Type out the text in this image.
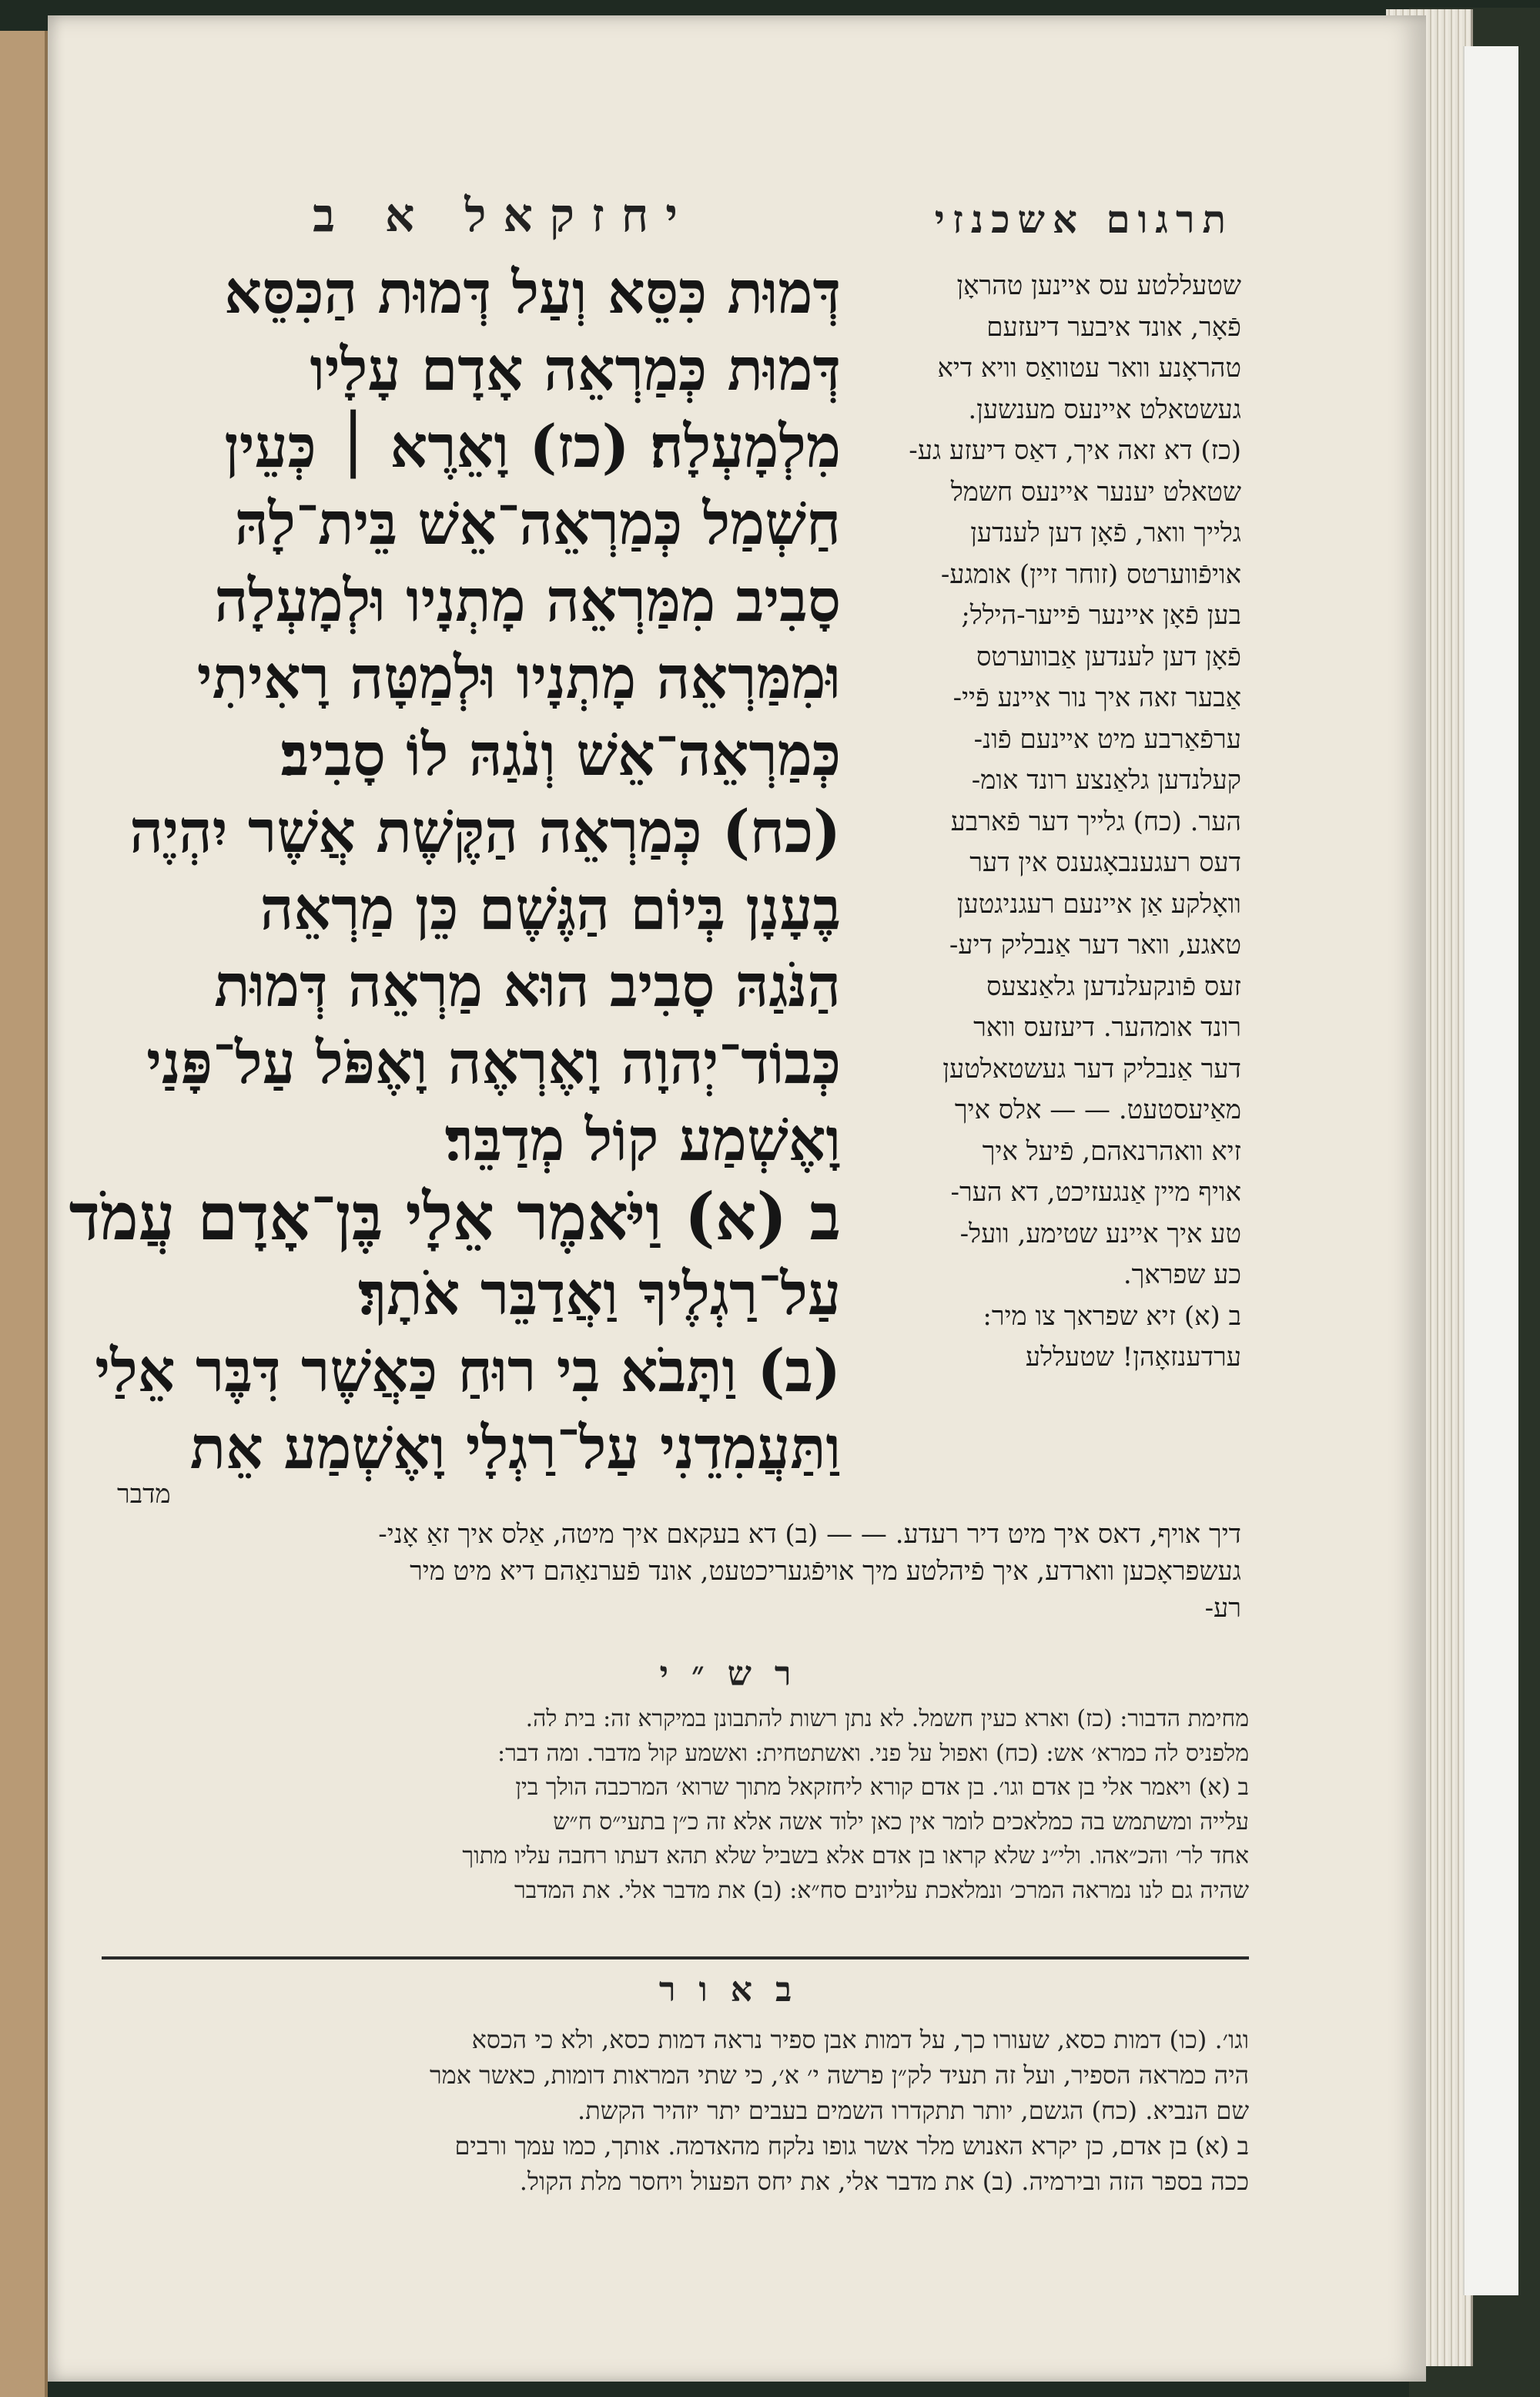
יחזקאל א ב	תרגום אשכנזי
דְּמוּת כִּסֵּא וְעַל דְּמוּת הַכִּסֵּא
דְּמוּת כְּמַרְאֵה אָדָם עָלָיו
מִלְמָעְלָה׃ (כז) וָאֵרֶא ׀ כְּעֵין
חַשְׁמַל כְּמַרְאֵה־אֵשׁ בֵּית־לָהּ
סָבִיב מִמַּרְאֵה מָתְנָיו וּלְמָעְלָה
וּמִמַּרְאֵה מָתְנָיו וּלְמַטָּה רָאִיתִי
כְּמַרְאֵה־אֵשׁ וְנֹגַהּ לוֹ סָבִיב׃
(כח) כְּמַרְאֵה הַקֶּשֶׁת אֲשֶׁר יִהְיֶה
בֶעָנָן בְּיוֹם הַגֶּשֶׁם כֵּן מַרְאֵה
הַנֹּגַהּ סָבִיב הוּא מַרְאֵה דְּמוּת
כְּבוֹד־יְהוָה וָאֶרְאֶה וָאֶפֹּל עַל־פָּנַי
וָאֶשְׁמַע קוֹל מְדַבֵּר׃
ב (א) וַיֹּאמֶר אֵלָי בֶּן־אָדָם עֲמֹד
עַל־רַגְלֶיךָ וַאֲדַבֵּר אֹתָךְ׃
(ב) וַתָּבֹא בִי רוּחַ כַּאֲשֶׁר דִּבֶּר אֵלַי
וַתַּעֲמִדֵנִי עַל־רַגְלָי וָאֶשְׁמַע אֵת
מדבר
שטעללטע עס איינען טהראָן
פֿאָר, אונד איבער דיעזעם
טהראָנע וואר עטוואַס וויא דיא
געשטאלט איינעס מענשען.
(כז) דא זאה איך, דאַס דיעזע גע-
שטאלט יענער איינעס חשמל
גלייך וואר, פֿאָן דען לענדען
אויפֿווערטס (זוחר זיין) אומגע-
בען פֿאָן איינער פֿייער-הילל;
פֿאָן דען לענדען אַבווערטס
אַבער זאה איך נור איינע פֿיי-
ערפֿאַרבע מיט איינעם פֿונ-
קעלנדען גלאַנצע רונד אומ-
הער. (כח) גלייך דער פֿארבע
דעס רעגענבאָגענס אין דער
וואָלקע אַן איינעם רעגניגטען
טאגע, וואר דער אַנבליק דיע-
זעס פֿונקעלנדען גלאַנצעס
רונד אומהער. דיעזעס וואר
דער אַנבליק דער געשטאלטען
מאַיעסטעט. — — אלס איך
זיא וואהרנאהם, פֿיעל איך
אויף מיין אַנגעזיכט, דא הער-
טע איך איינע שטימע, וועל-
כע שפראך.
ב (א) זיא שפראך צו מיר:
ערדענזאָהן! שטעללע
דיך אויף, דאס איך מיט דיר רעדע. — — (ב) דא בעקאם איך מיטה, אַלס איך זאַ אָני-
געשפראָכען ווארדע, איך פֿיהלטע מיך אויפֿגעריכטעט, אונד פֿערנאַהם דיא מיט מיר
רע-
רש״י
מחימת הדבור: (כז) וארא כעין חשמל. לא נתן רשות להתבונן במיקרא זה: בית לה.
מלפניס לה כמרא׳ אש: (כח) ואפול על פני. ואשתטחית: ואשמע קול מדבר. ומה דבר:
ב (א) ויאמר אלי בן אדם וגו׳. בן אדם קורא ליחזקאל מתוך שרוא׳ המרכבה הולך בין
עלייה ומשתמש בה כמלאכים לומר אין כאן ילוד אשה אלא זה כ״ן בתעי״ס ח״ש
אחד לר׳ והכ״אהו. ולי״נ שלא קראו בן אדם אלא בשביל שלא תהא דעתו רחבה עליו מתוך
שהיה גם לנו נמראה המרכ׳ ונמלאכת עליונים סח״א: (ב) את מדבר אלי. את המדבר
באור
וגו׳. (כו) דמות כסא, שעורו כך, על דמות אבן ספיר נראה דמות כסא, ולא כי הכסא
היה כמראה הספיר, ועל זה תעיד לק״ן פרשה י׳ א׳, כי שתי המראות דומות, כאשר אמר
שם הנביא. (כח) הגשם, יותר תתקדרו השמים בעבים יתר יזהיר הקשת.
ב (א) בן אדם, כן יקרא האנוש מלר אשר גופו נלקח מהאדמה. אותך, כמו עמך ורבים
ככה בספר הזה ובירמיה. (ב) את מדבר אלי, את יחס הפעול ויחסר מלת הקול.
